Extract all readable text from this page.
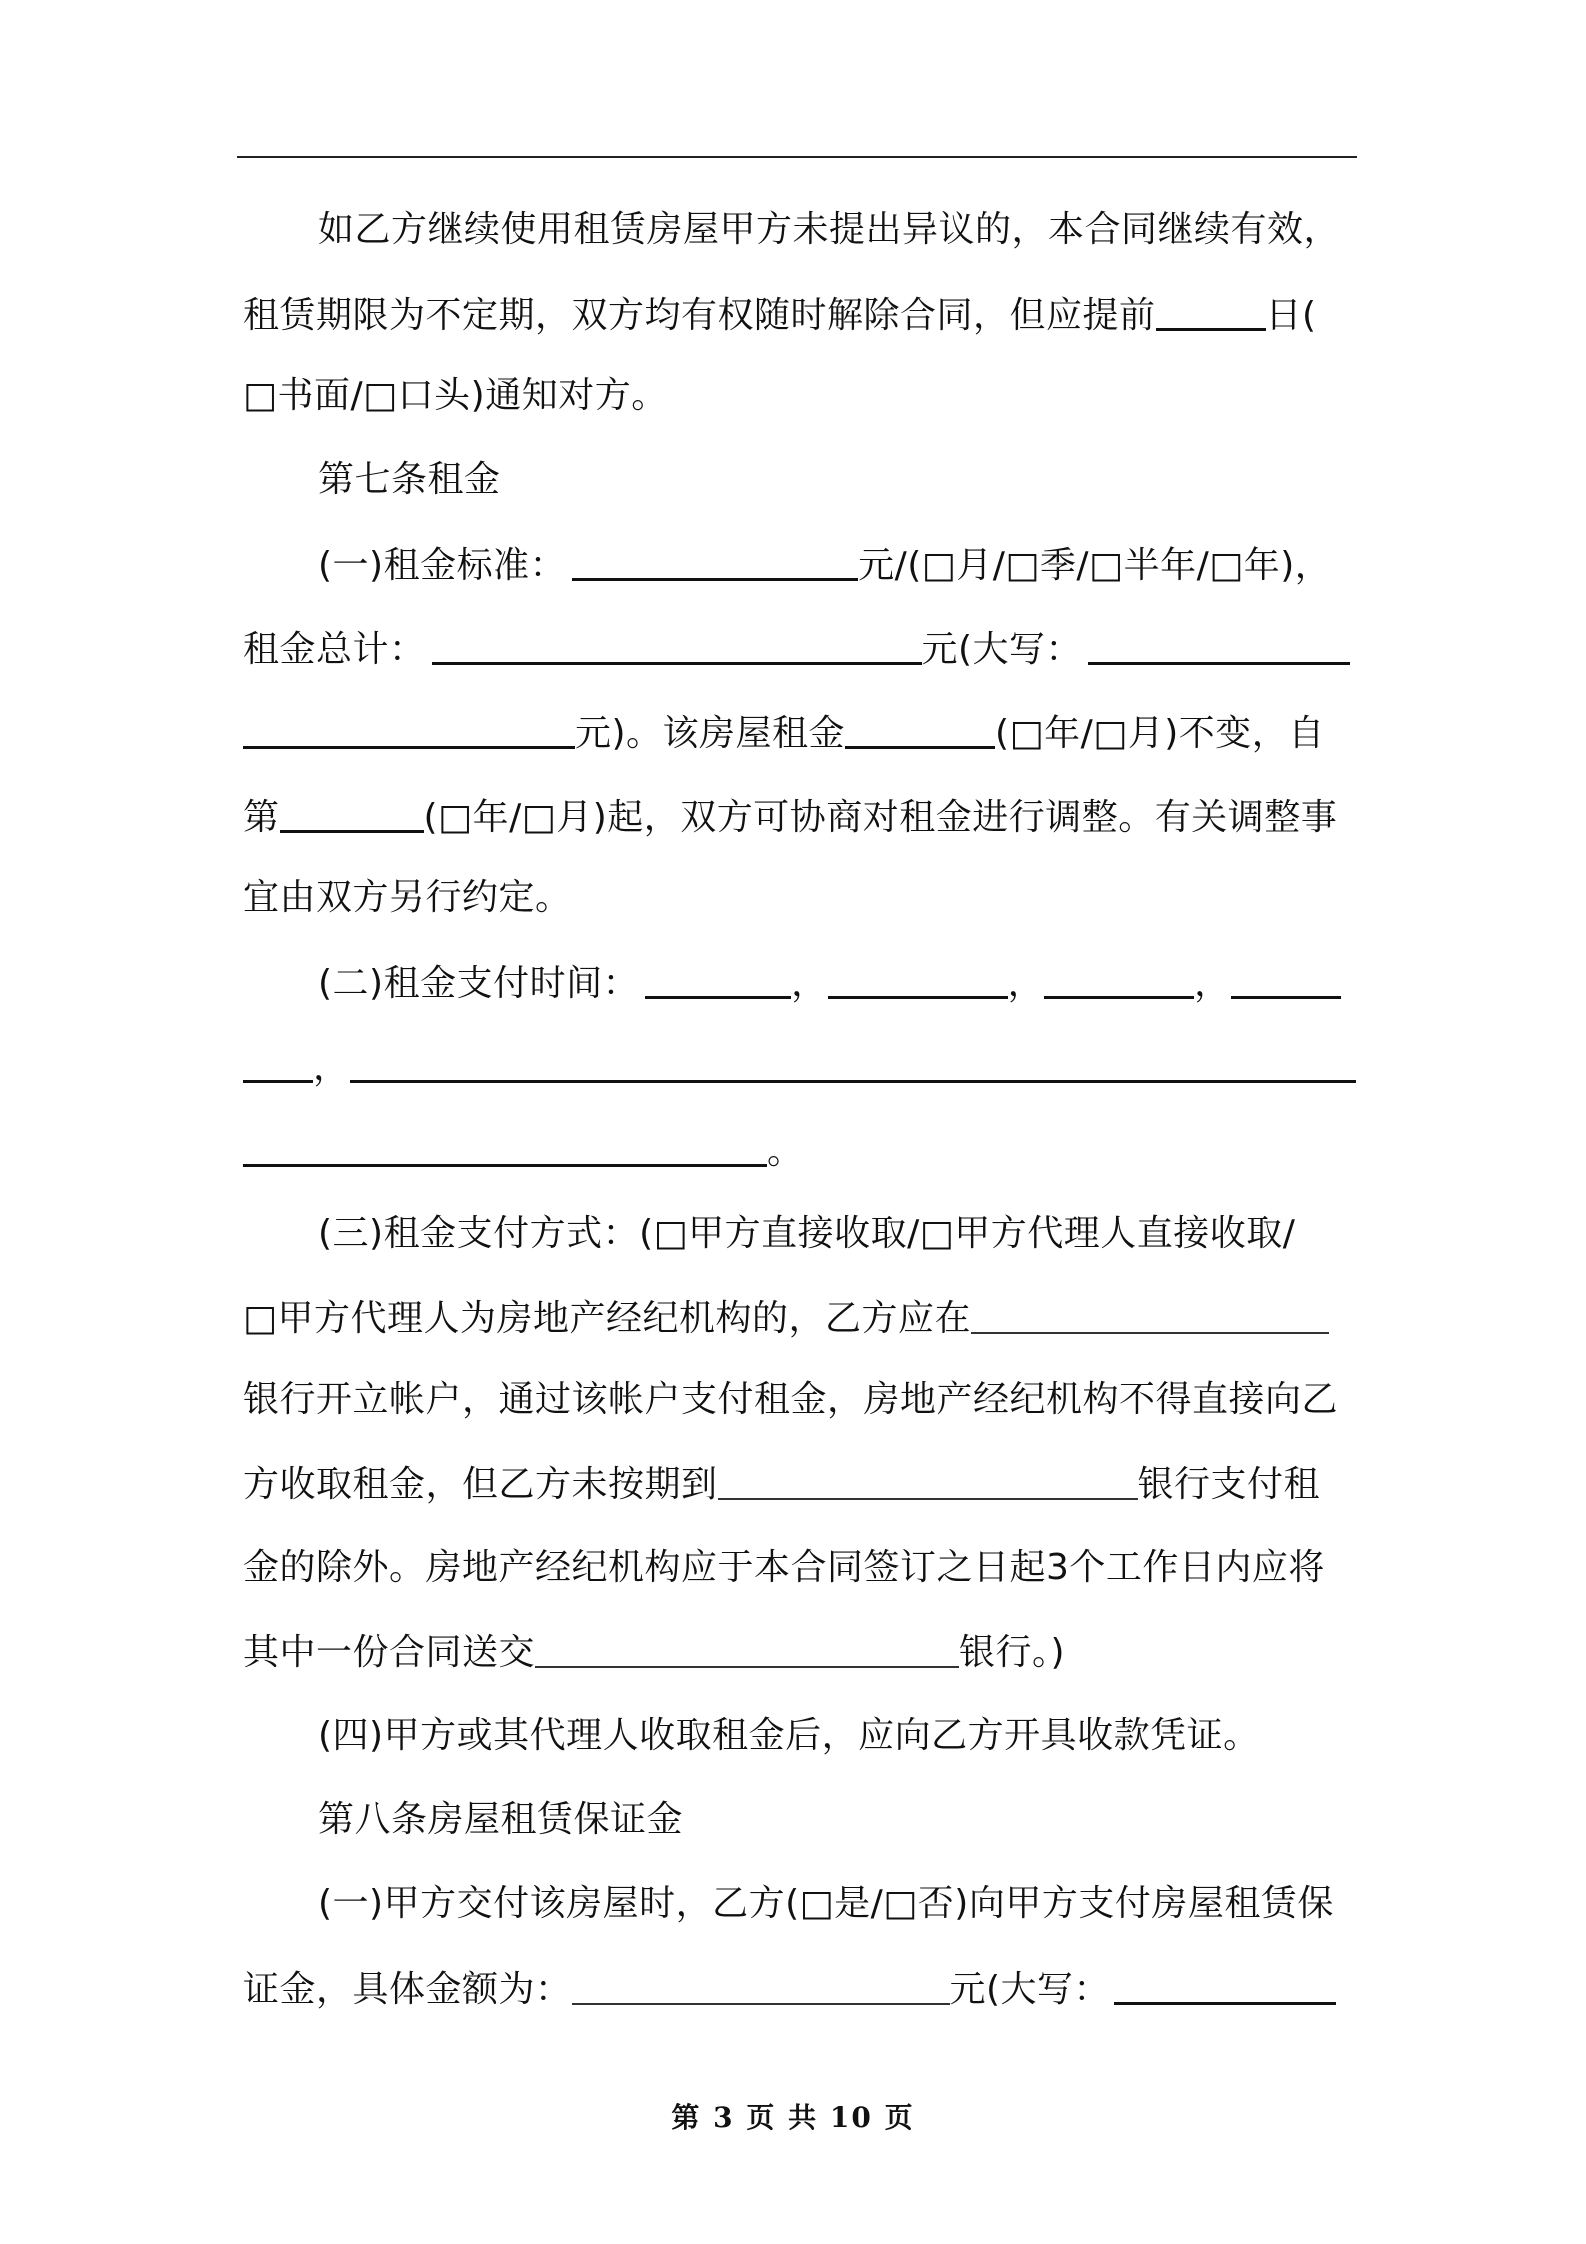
如乙方继续使用租赁房屋甲方未提出异议的，本合同继续有效，
租赁期限为不定期，双方均有权随时解除合同，但应提前	日(
□书面/□口头)通知对方。
第七条租金
(一)租金标准：	元/(□月/□季/□半年/□年)，
租金总计：	元(大写：
元)。该房屋租金	(□年/□月)不变，自
第	(□年/□月)起，双方可协商对租金进行调整。有关调整事
宜由双方另行约定。
(二)租金支付时间：	，	，	，
，
。
(三)租金支付方式：(□甲方直接收取/□甲方代理人直接收取/
□甲方代理人为房地产经纪机构的，乙方应在
银行开立帐户，通过该帐户支付租金，房地产经纪机构不得直接向乙
方收取租金，但乙方未按期到	银行支付租
金的除外。房地产经纪机构应于本合同签订之日起3个工作日内应将
其中一份合同送交	银行。)
(四)甲方或其代理人收取租金后，应向乙方开具收款凭证。
第八条房屋租赁保证金
(一)甲方交付该房屋时，乙方(□是/□否)向甲方支付房屋租赁保
证金，具体金额为：	元(大写：
第 3 页 共 10 页
